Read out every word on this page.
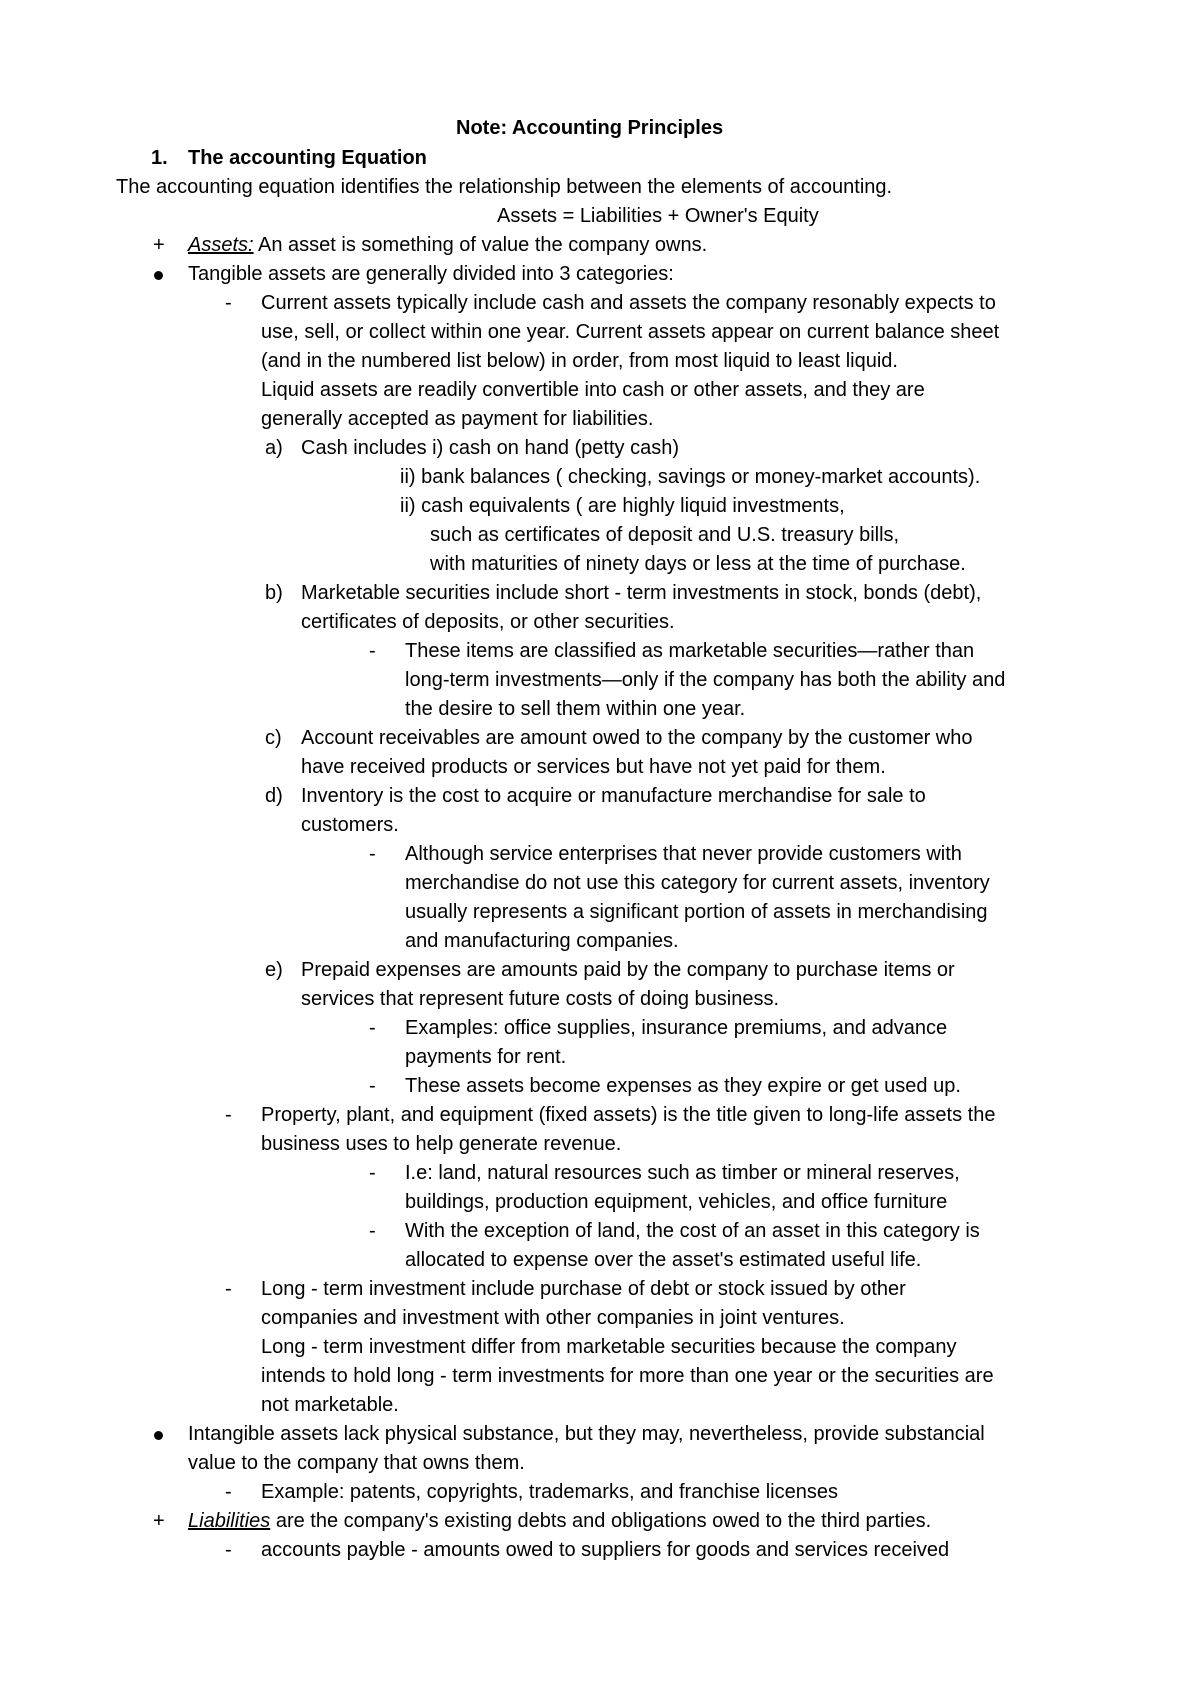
Note: Accounting Principles

1. The accounting Equation

The accounting equation identifies the relationship between the elements of accounting.

Assets = Liabilities + Owner's Equity

+ Assets: An asset is something of value the company owns.

Tangible assets are generally divided into 3 categories:

- Current assets typically include cash and assets the company resonably expects to

use, sell, or collect within one year. Current assets appear on current balance sheet

(and in the numbered list below) in order, from most liquid to least liquid.

Liquid assets are readily convertible into cash or other assets, and they are

generally accepted as payment for liabilities.

a) Cash includes i) cash on hand (petty cash)

ii) bank balances ( checking, savings or money-market accounts).

ii) cash equivalents ( are highly liquid investments,

such as certificates of deposit and U.S. treasury bills,

with maturities of ninety days or less at the time of purchase.

b) Marketable securities include short - term investments in stock, bonds (debt),

certificates of deposits, or other securities.

- These items are classified as marketable securities—rather than

long-term investments—only if the company has both the ability and

the desire to sell them within one year.

c) Account receivables are amount owed to the company by the customer who

have received products or services but have not yet paid for them.

d) Inventory is the cost to acquire or manufacture merchandise for sale to

customers.

- Although service enterprises that never provide customers with

merchandise do not use this category for current assets, inventory

usually represents a significant portion of assets in merchandising

and manufacturing companies.

e) Prepaid expenses are amounts paid by the company to purchase items or

services that represent future costs of doing business.

- Examples: office supplies, insurance premiums, and advance

payments for rent.

- These assets become expenses as they expire or get used up.

- Property, plant, and equipment (fixed assets) is the title given to long-life assets the

business uses to help generate revenue.

- I.e: land, natural resources such as timber or mineral reserves,

buildings, production equipment, vehicles, and office furniture

- With the exception of land, the cost of an asset in this category is

allocated to expense over the asset's estimated useful life.

- Long - term investment include purchase of debt or stock issued by other

companies and investment with other companies in joint ventures.

Long - term investment differ from marketable securities because the company

intends to hold long - term investments for more than one year or the securities are

not marketable.

Intangible assets lack physical substance, but they may, nevertheless, provide substancial

value to the company that owns them.

- Example: patents, copyrights, trademarks, and franchise licenses

+ Liabilities are the company's existing debts and obligations owed to the third parties.

- accounts payble - amounts owed to suppliers for goods and services received
